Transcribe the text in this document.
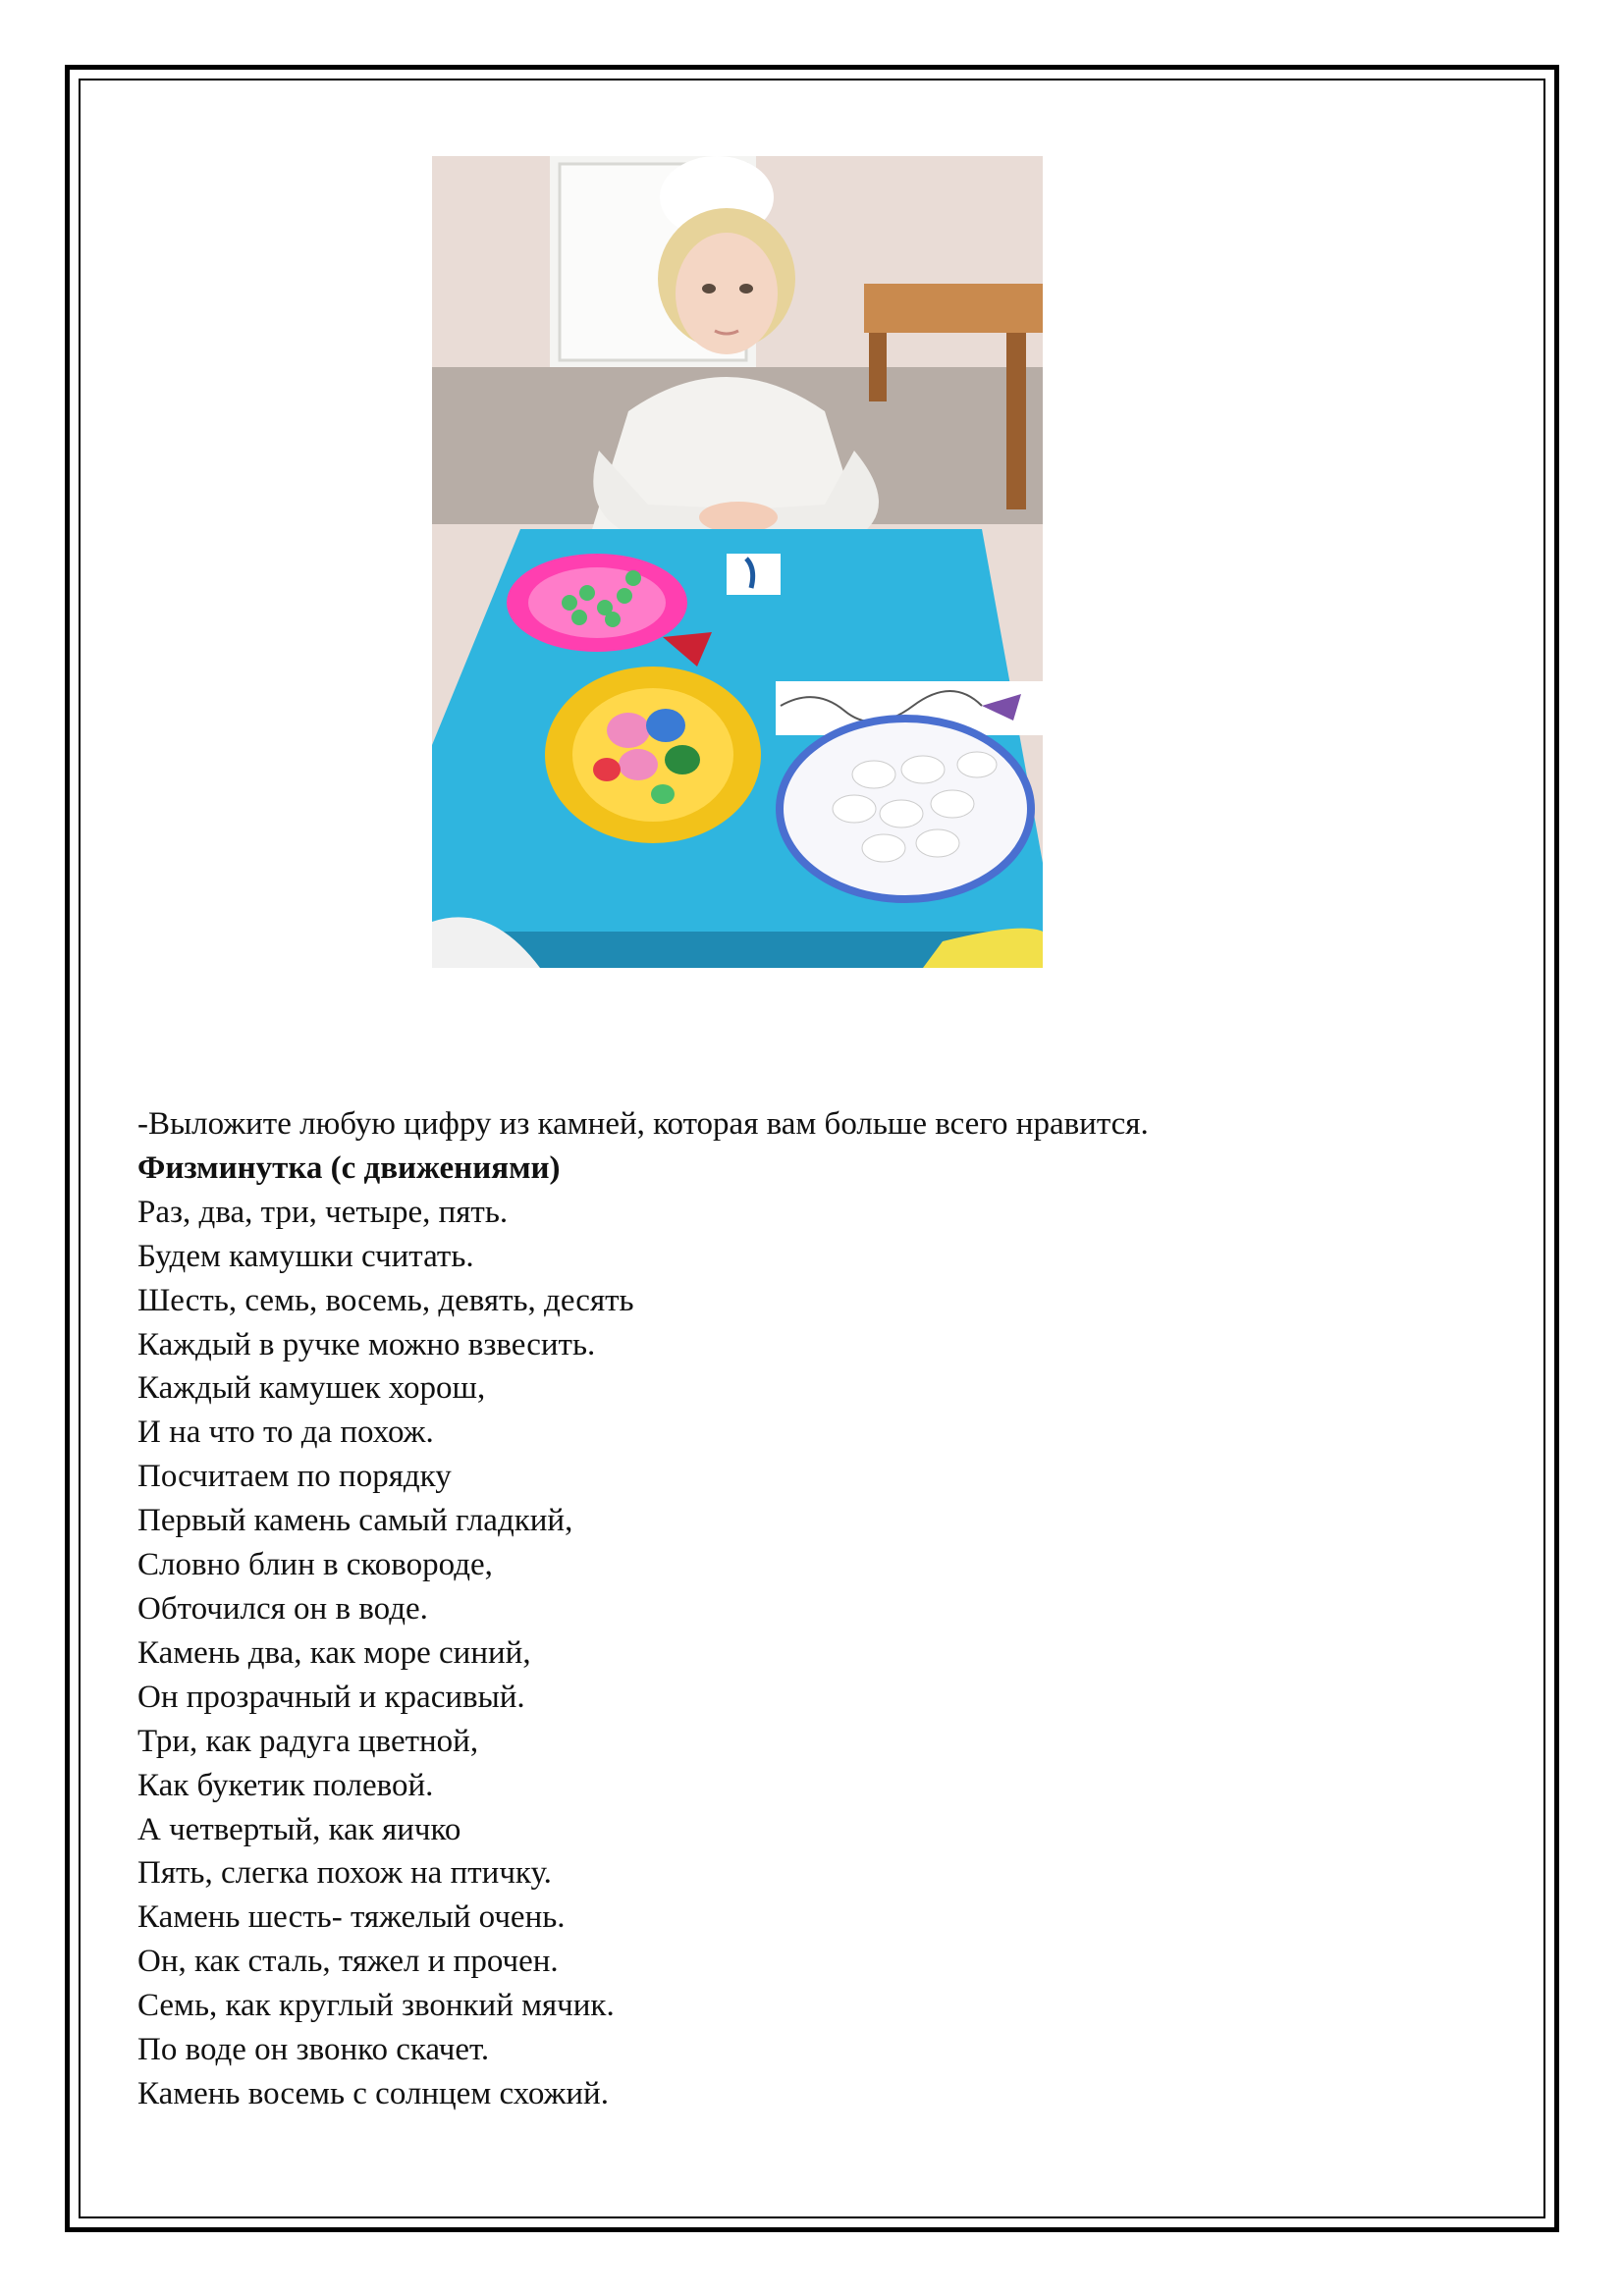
-Выложите любую цифру из камней, которая вам больше всего нравится.

Физминутка (с движениями)

Раз, два, три, четыре, пять.

Будем камушки считать.

Шесть, семь, восемь, девять, десять

Каждый в ручке можно взвесить.

Каждый камушек хорош,

И на что то да похож.

Посчитаем по порядку

Первый камень самый гладкий,

Словно блин в сковороде,

Обточился он в воде.

Камень два, как море синий,

Он прозрачный и красивый.

Три, как радуга цветной,

Как букетик полевой.

А четвертый, как яичко

Пять, слегка похож на птичку.

Камень шесть- тяжелый очень.

Он, как сталь, тяжел и прочен.

Семь, как круглый звонкий мячик.

По воде он звонко скачет.

Камень восемь с солнцем схожий.
